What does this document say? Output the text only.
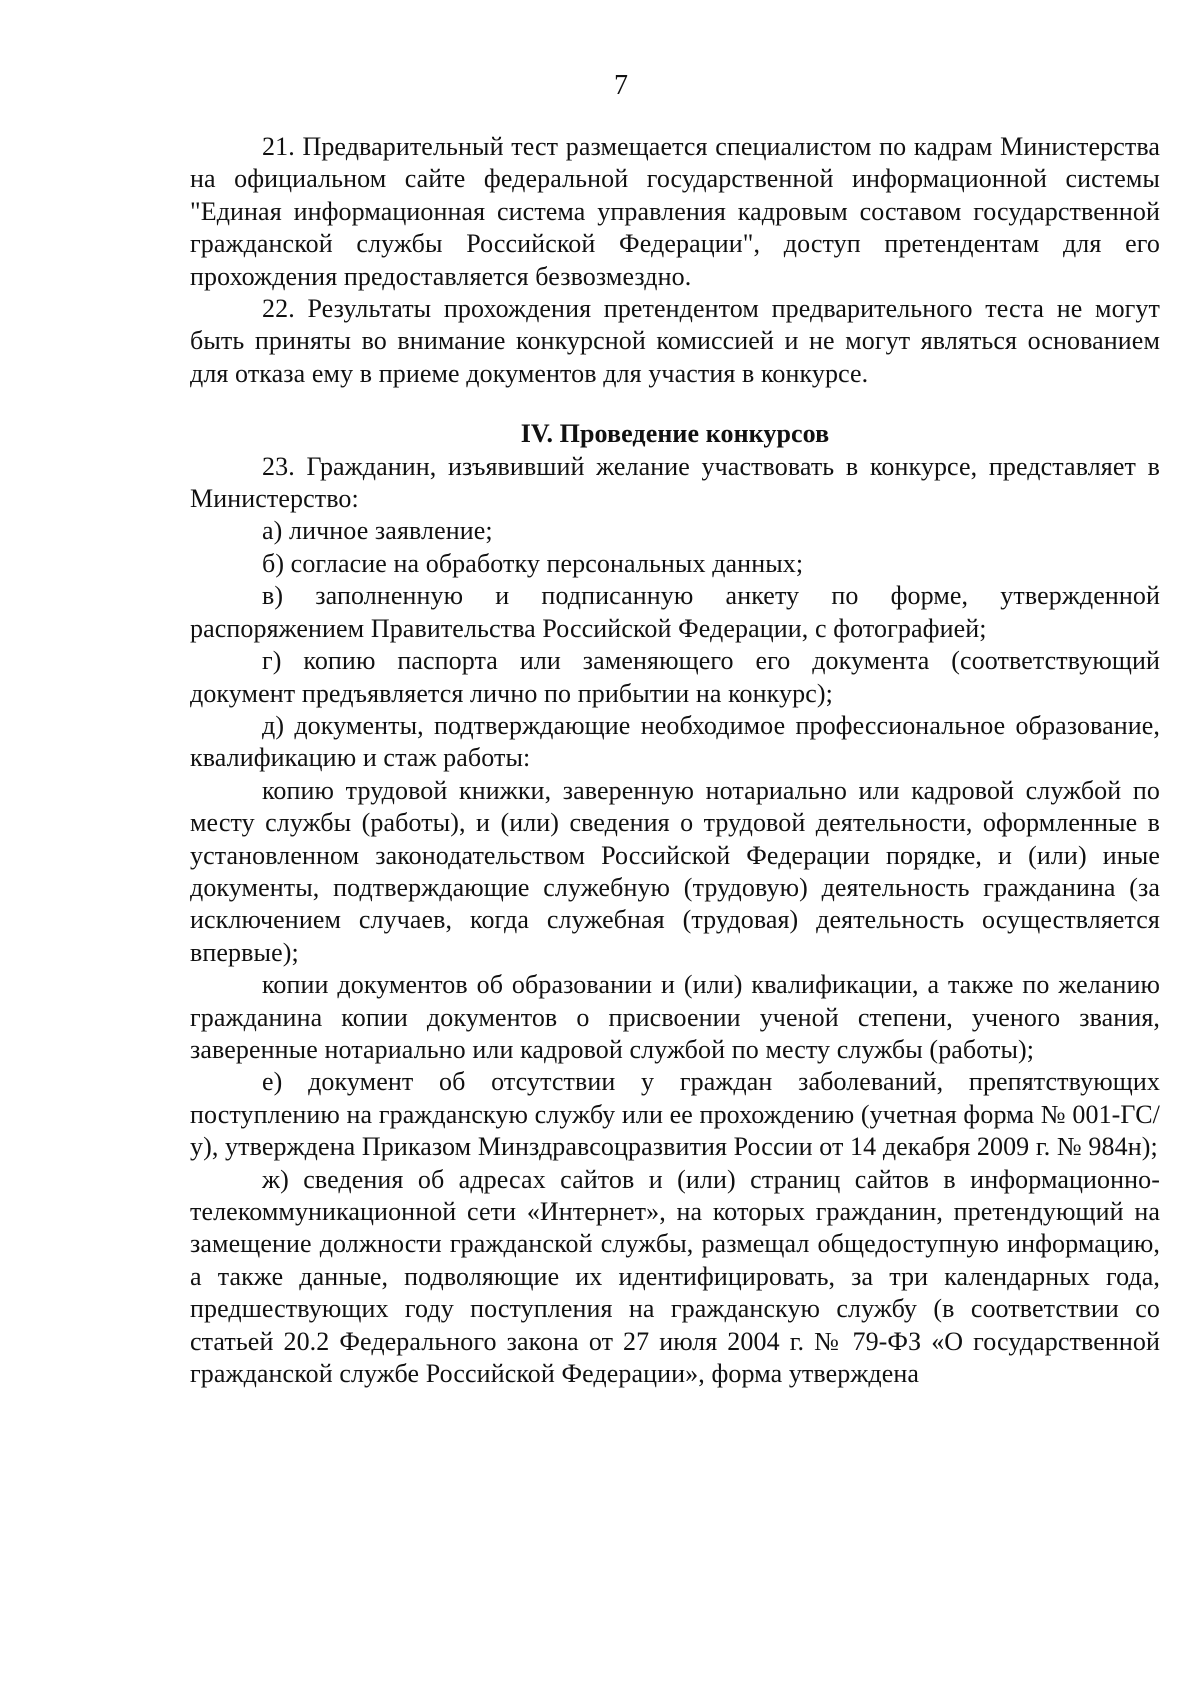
7

21. Предварительный тест размещается специалистом по кадрам Министерства на официальном сайте федеральной государственной информационной системы "Единая информационная система управления кадровым составом государственной гражданской службы Российской Федерации", доступ претендентам для его прохождения предоставляется безвозмездно.

22. Результаты прохождения претендентом предварительного теста не могут быть приняты во внимание конкурсной комиссией и не могут являться основанием для отказа ему в приеме документов для участия в конкурсе.

IV. Проведение конкурсов

23. Гражданин, изъявивший желание участвовать в конкурсе, представляет в Министерство:

а) личное заявление;

б) согласие на обработку персональных данных;

в) заполненную и подписанную анкету по форме, утвержденной распоряжением Правительства Российской Федерации, с фотографией;

г) копию паспорта или заменяющего его документа (соответствующий документ предъявляется лично по прибытии на конкурс);

д) документы, подтверждающие необходимое профессиональное образование, квалификацию и стаж работы:

копию трудовой книжки, заверенную нотариально или кадровой службой по месту службы (работы), и (или) сведения о трудовой деятельности, оформленные в установленном законодательством Российской Федерации порядке, и (или) иные документы, подтверждающие служебную (трудовую) деятельность гражданина (за исключением случаев, когда служебная (трудовая) деятельность осуществляется впервые);

копии документов об образовании и (или) квалификации, а также по желанию гражданина копии документов о присвоении ученой степени, ученого звания, заверенные нотариально или кадровой службой по месту службы (работы);

е) документ об отсутствии у граждан заболеваний, препятствующих поступлению на гражданскую службу или ее прохождению (учетная форма № 001-ГС/у), утверждена Приказом Минздравсоцразвития России от 14 декабря 2009 г. № 984н);

ж) сведения об адресах сайтов и (или) страниц сайтов в информационно-телекоммуникационной сети «Интернет», на которых гражданин, претендующий на замещение должности гражданской службы, размещал общедоступную информацию, а также данные, подволяющие их идентифицировать, за три календарных года, предшествующих году поступления на гражданскую службу (в соответствии со статьей 20.2 Федерального закона от 27 июля 2004 г. № 79-ФЗ «О государственной гражданской службе Российской Федерации», форма утверждена
